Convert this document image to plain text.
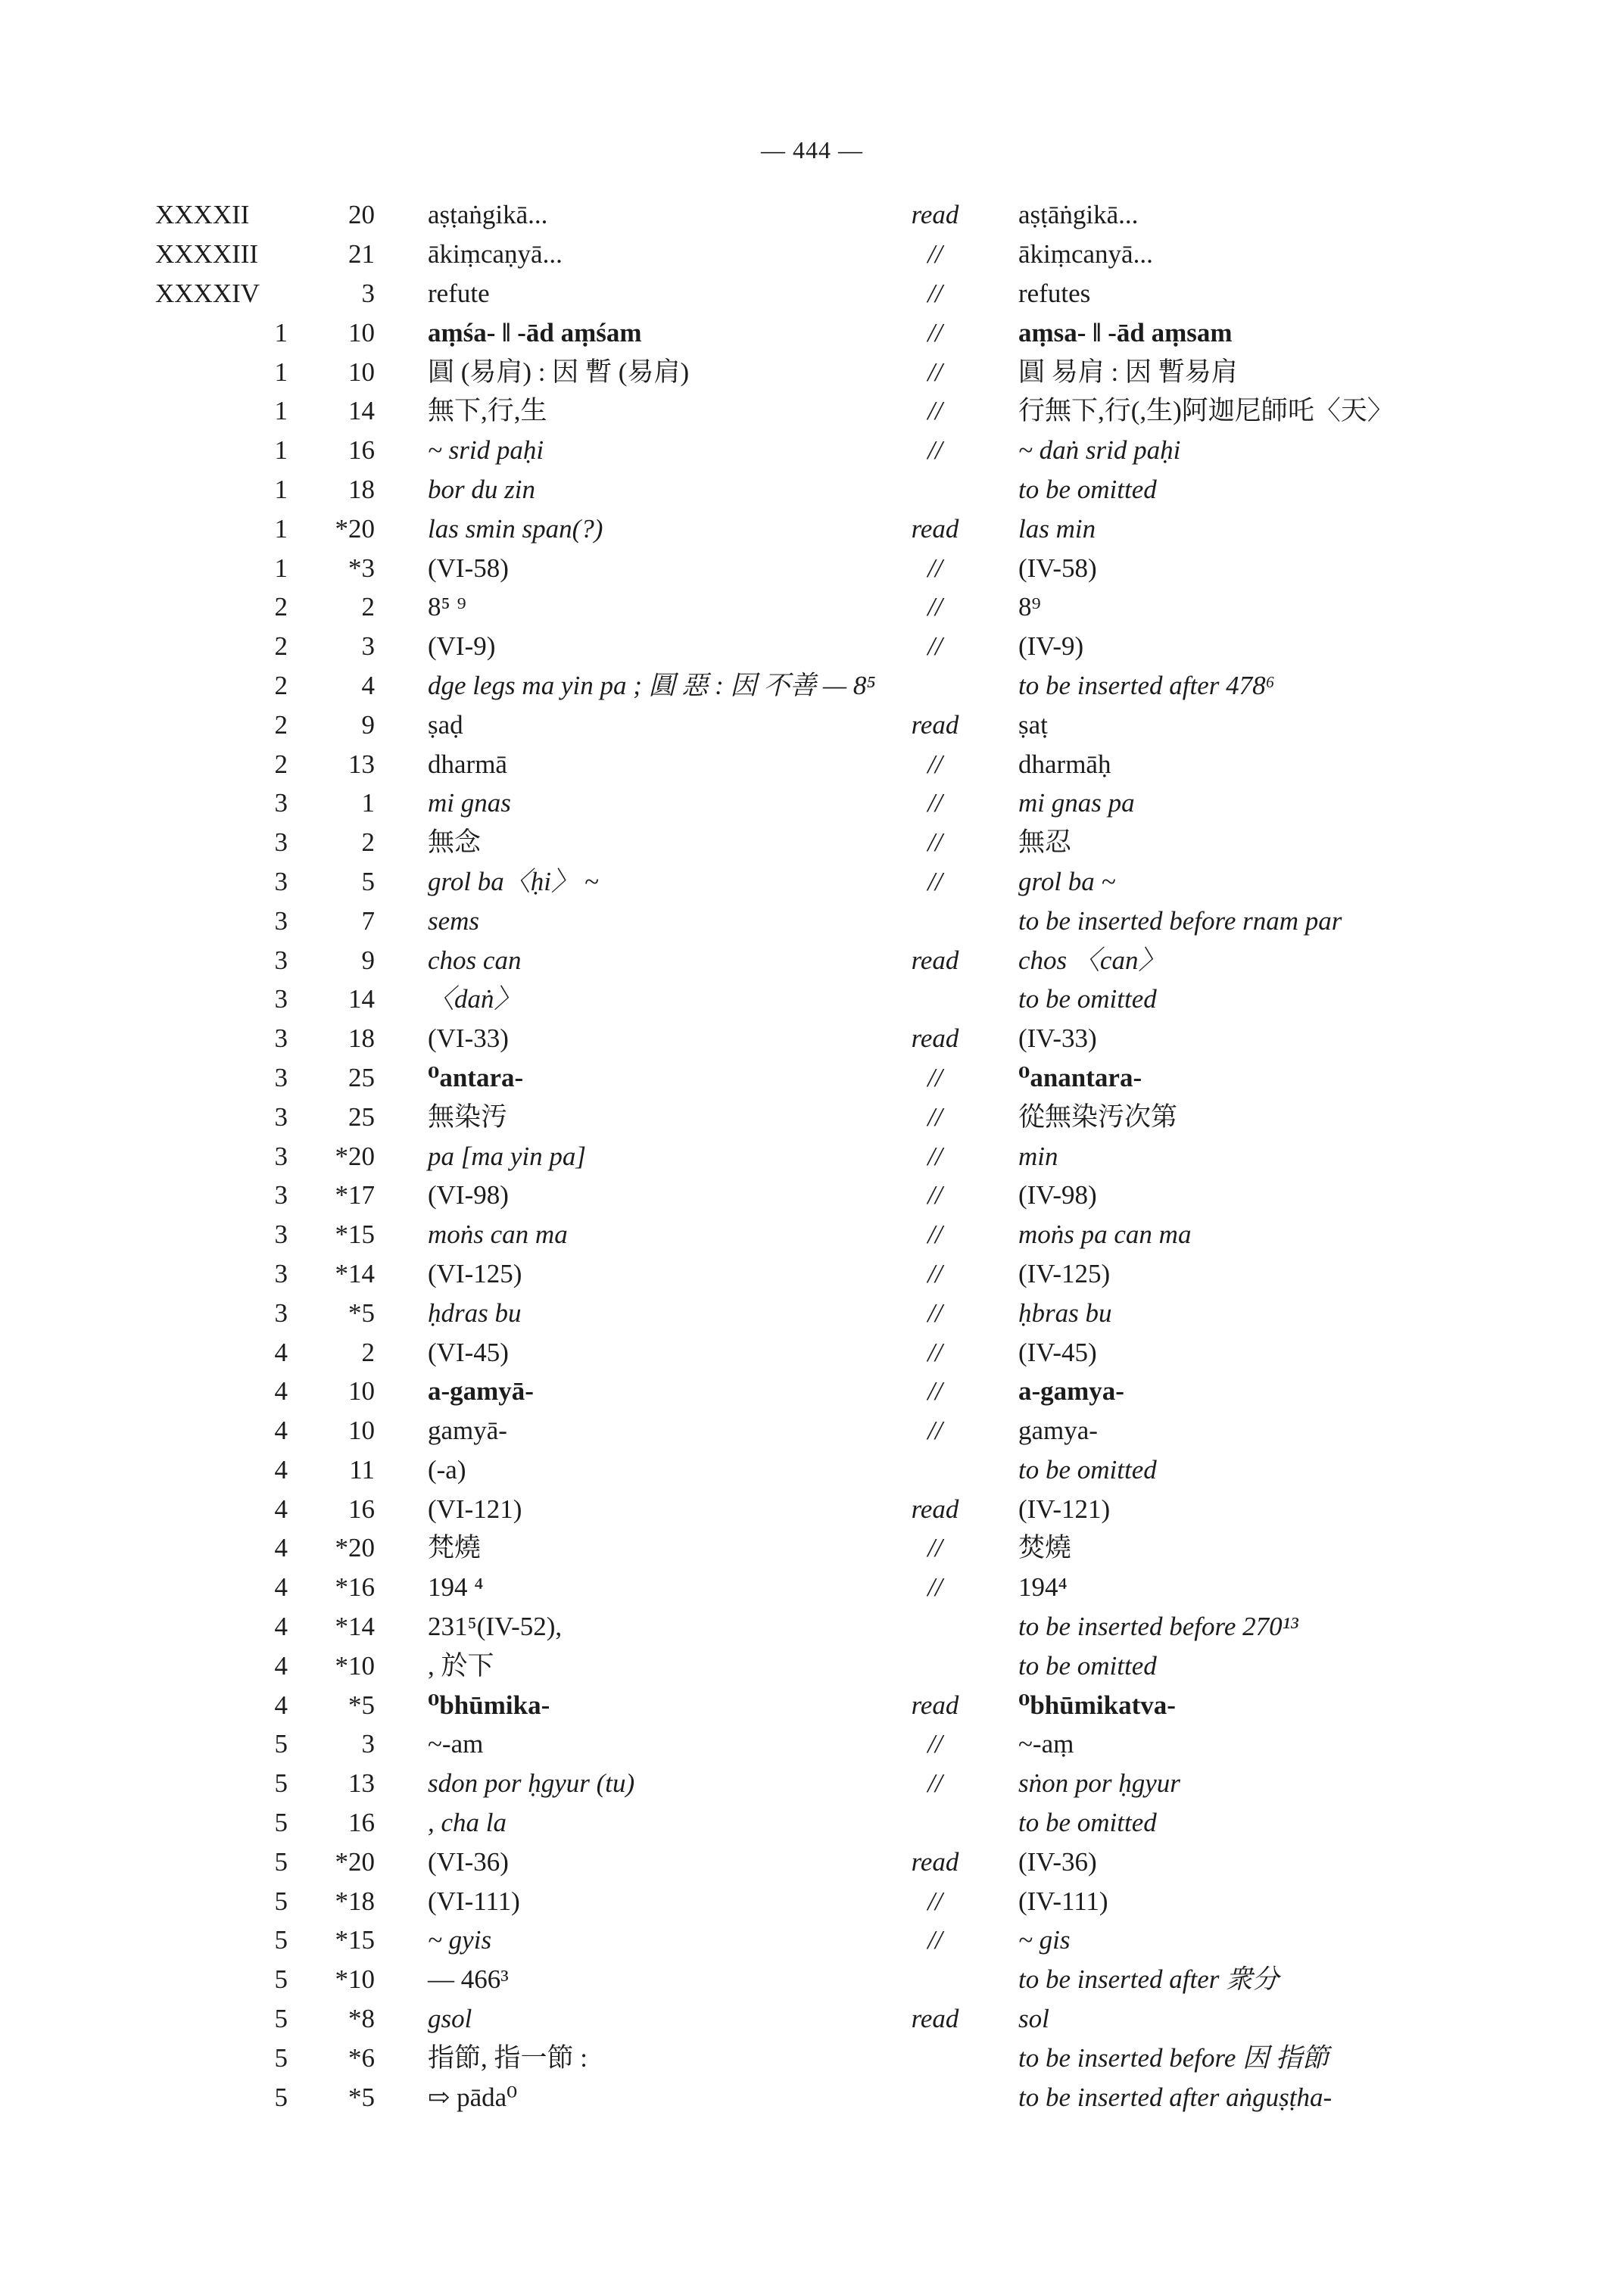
— 444 —
XXXXII	20	aṣṭaṅgikā...	read	aṣṭāṅgikā...
XXXXIII	21	ākiṃcaṇyā...	//	ākiṃcanyā...
XXXXIV	3	refute	//	refutes
1	10	aṃśa- ‖ -ād aṃśam	//	aṃsa- ‖ -ād aṃsam
1	10	圓 (易肩) : 因 暫 (易肩)	//	圓 易肩 : 因 暫易肩
1	14	無下,行,生	//	行無下,行(,生)阿迦尼師吒〈天〉
1	16	~ srid paḥi	//	~ daṅ srid paḥi
1	18	bor du zin		to be omitted
1	*20	las smin span(?)	read	las min
1	*3	(VI-58)	//	(IV-58)
2	2	8⁵ ⁹	//	8⁹
2	3	(VI-9)	//	(IV-9)
2	4	dge legs ma yin pa ; 圓 惡 : 因 不善 — 8⁵		to be inserted after 478⁶
2	9	ṣaḍ	read	ṣaṭ
2	13	dharmā	//	dharmāḥ
3	1	mi gnas	//	mi gnas pa
3	2	無念	//	無忍
3	5	grol ba〈ḥi〉 ~	//	grol ba ~
3	7	sems		to be inserted before rnam par
3	9	chos can	read	chos 〈can〉
3	14	〈daṅ〉		to be omitted
3	18	(VI-33)	read	(IV-33)
3	25	⁰antara-	//	⁰anantara-
3	25	無染汚	//	從無染汚次第
3	*20	pa [ma yin pa]	//	min
3	*17	(VI-98)	//	(IV-98)
3	*15	moṅs can ma	//	moṅs pa can ma
3	*14	(VI-125)	//	(IV-125)
3	*5	ḥdras bu	//	ḥbras bu
4	2	(VI-45)	//	(IV-45)
4	10	a-gamyā-	//	a-gamya-
4	10	gamyā-	//	gamya-
4	11	(-a)		to be omitted
4	16	(VI-121)	read	(IV-121)
4	*20	梵燒	//	焚燒
4	*16	194 ⁴	//	194⁴
4	*14	231⁵(IV-52),		to be inserted before 270¹³
4	*10	, 於下		to be omitted
4	*5	⁰bhūmika-	read	⁰bhūmikatva-
5	3	~-am	//	~-aṃ
5	13	sdon por ḥgyur (tu)	//	sṅon por ḥgyur
5	16	, cha la		to be omitted
5	*20	(VI-36)	read	(IV-36)
5	*18	(VI-111)	//	(IV-111)
5	*15	~ gyis	//	~ gis
5	*10	— 466³		to be inserted after 衆分
5	*8	gsol	read	sol
5	*6	指節, 指一節 :		to be inserted before 因 指節
5	*5	⇨ pāda⁰		to be inserted after aṅguṣṭha-
